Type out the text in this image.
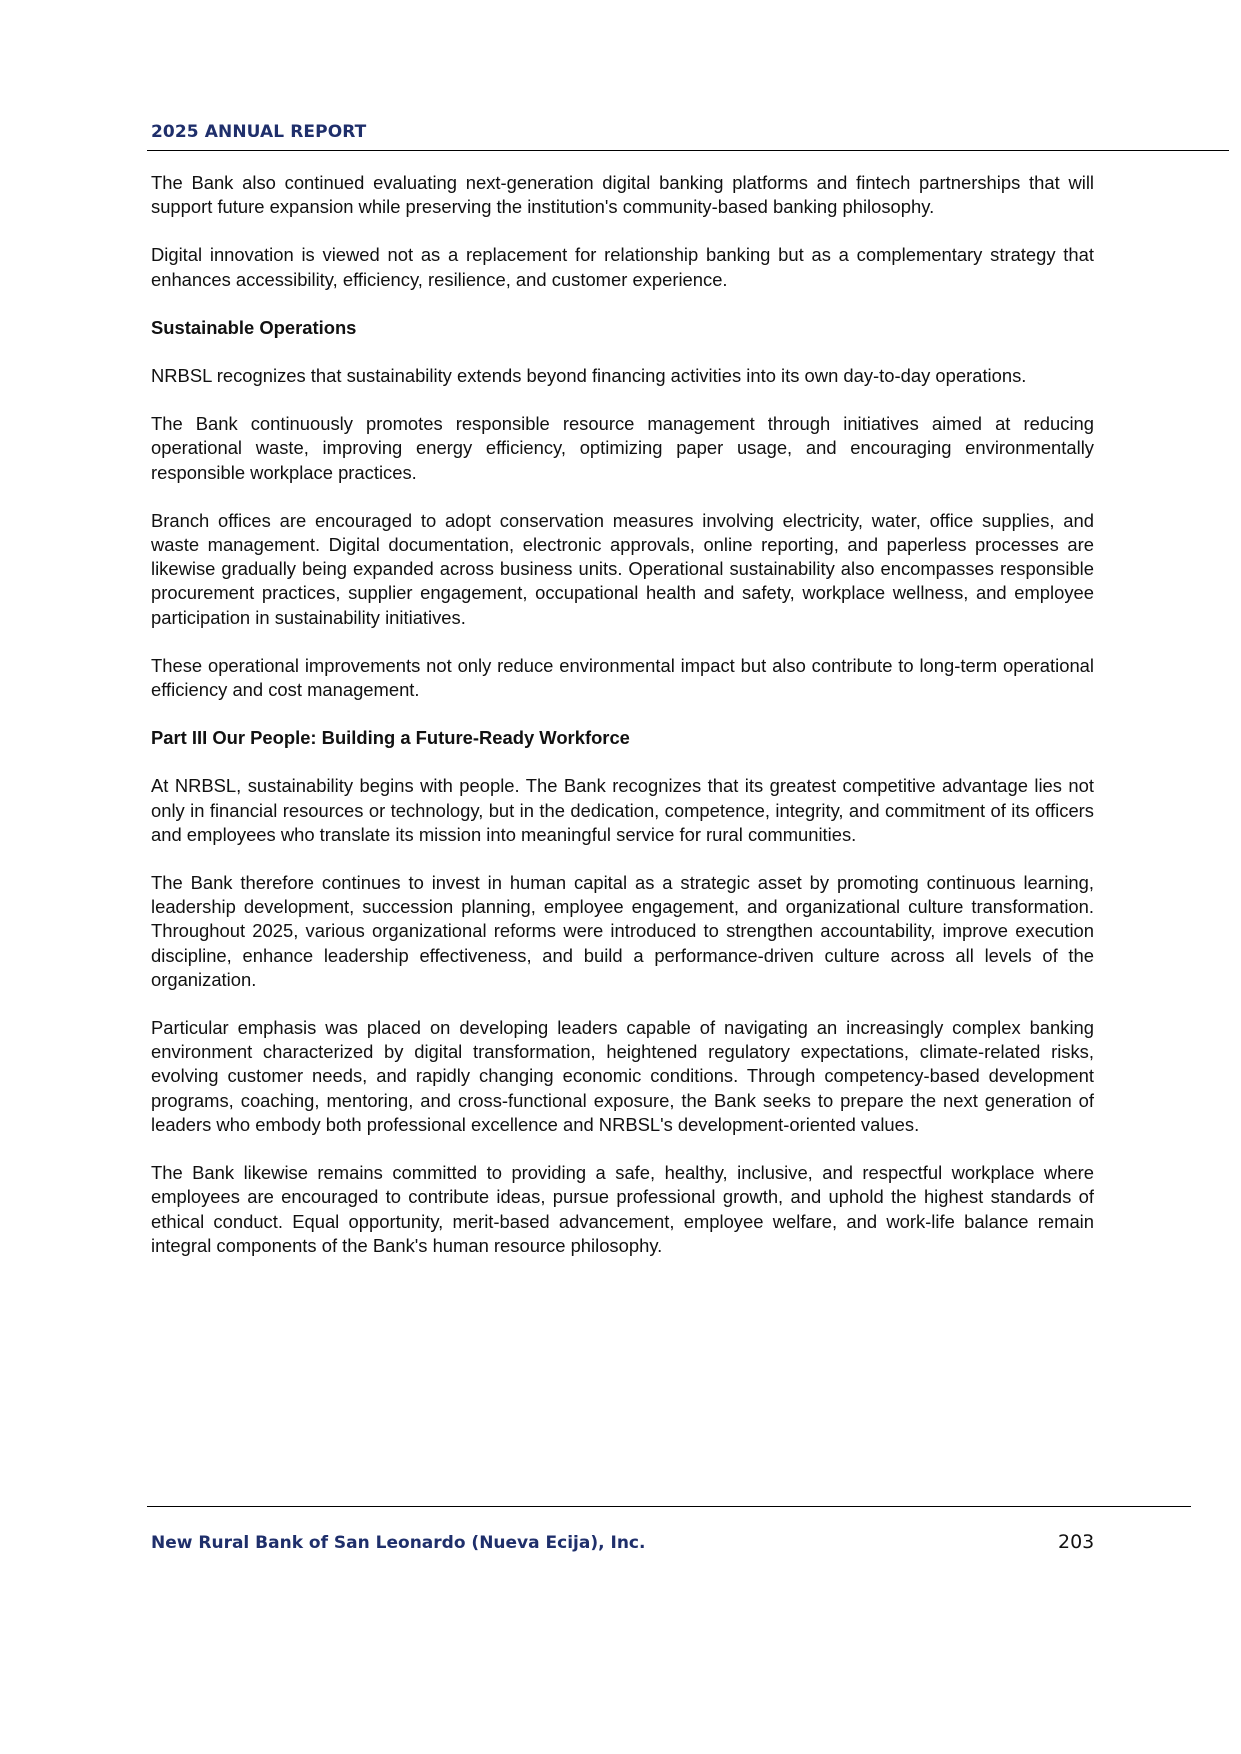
2025 ANNUAL REPORT

The Bank also continued evaluating next-generation digital banking platforms and fintech partnerships that will support future expansion while preserving the institution's community-based banking philosophy.

Digital innovation is viewed not as a replacement for relationship banking but as a complementary strategy that enhances accessibility, efficiency, resilience, and customer experience.

Sustainable Operations

NRBSL recognizes that sustainability extends beyond financing activities into its own day-to-day operations.

The Bank continuously promotes responsible resource management through initiatives aimed at reducing operational waste, improving energy efficiency, optimizing paper usage, and encouraging environmentally responsible workplace practices.

Branch offices are encouraged to adopt conservation measures involving electricity, water, office supplies, and waste management. Digital documentation, electronic approvals, online reporting, and paperless processes are likewise gradually being expanded across business units. Operational sustainability also encompasses responsible procurement practices, supplier engagement, occupational health and safety, workplace wellness, and employee participation in sustainability initiatives.

These operational improvements not only reduce environmental impact but also contribute to long-term operational efficiency and cost management.

Part III Our People: Building a Future-Ready Workforce

At NRBSL, sustainability begins with people. The Bank recognizes that its greatest competitive advantage lies not only in financial resources or technology, but in the dedication, competence, integrity, and commitment of its officers and employees who translate its mission into meaningful service for rural communities.

The Bank therefore continues to invest in human capital as a strategic asset by promoting continuous learning, leadership development, succession planning, employee engagement, and organizational culture transformation. Throughout 2025, various organizational reforms were introduced to strengthen accountability, improve execution discipline, enhance leadership effectiveness, and build a performance-driven culture across all levels of the organization.

Particular emphasis was placed on developing leaders capable of navigating an increasingly complex banking environment characterized by digital transformation, heightened regulatory expectations, climate-related risks, evolving customer needs, and rapidly changing economic conditions. Through competency-based development programs, coaching, mentoring, and cross-functional exposure, the Bank seeks to prepare the next generation of leaders who embody both professional excellence and NRBSL's development-oriented values.

The Bank likewise remains committed to providing a safe, healthy, inclusive, and respectful workplace where employees are encouraged to contribute ideas, pursue professional growth, and uphold the highest standards of ethical conduct. Equal opportunity, merit-based advancement, employee welfare, and work-life balance remain integral components of the Bank's human resource philosophy.

New Rural Bank of San Leonardo (Nueva Ecija), Inc.	203
